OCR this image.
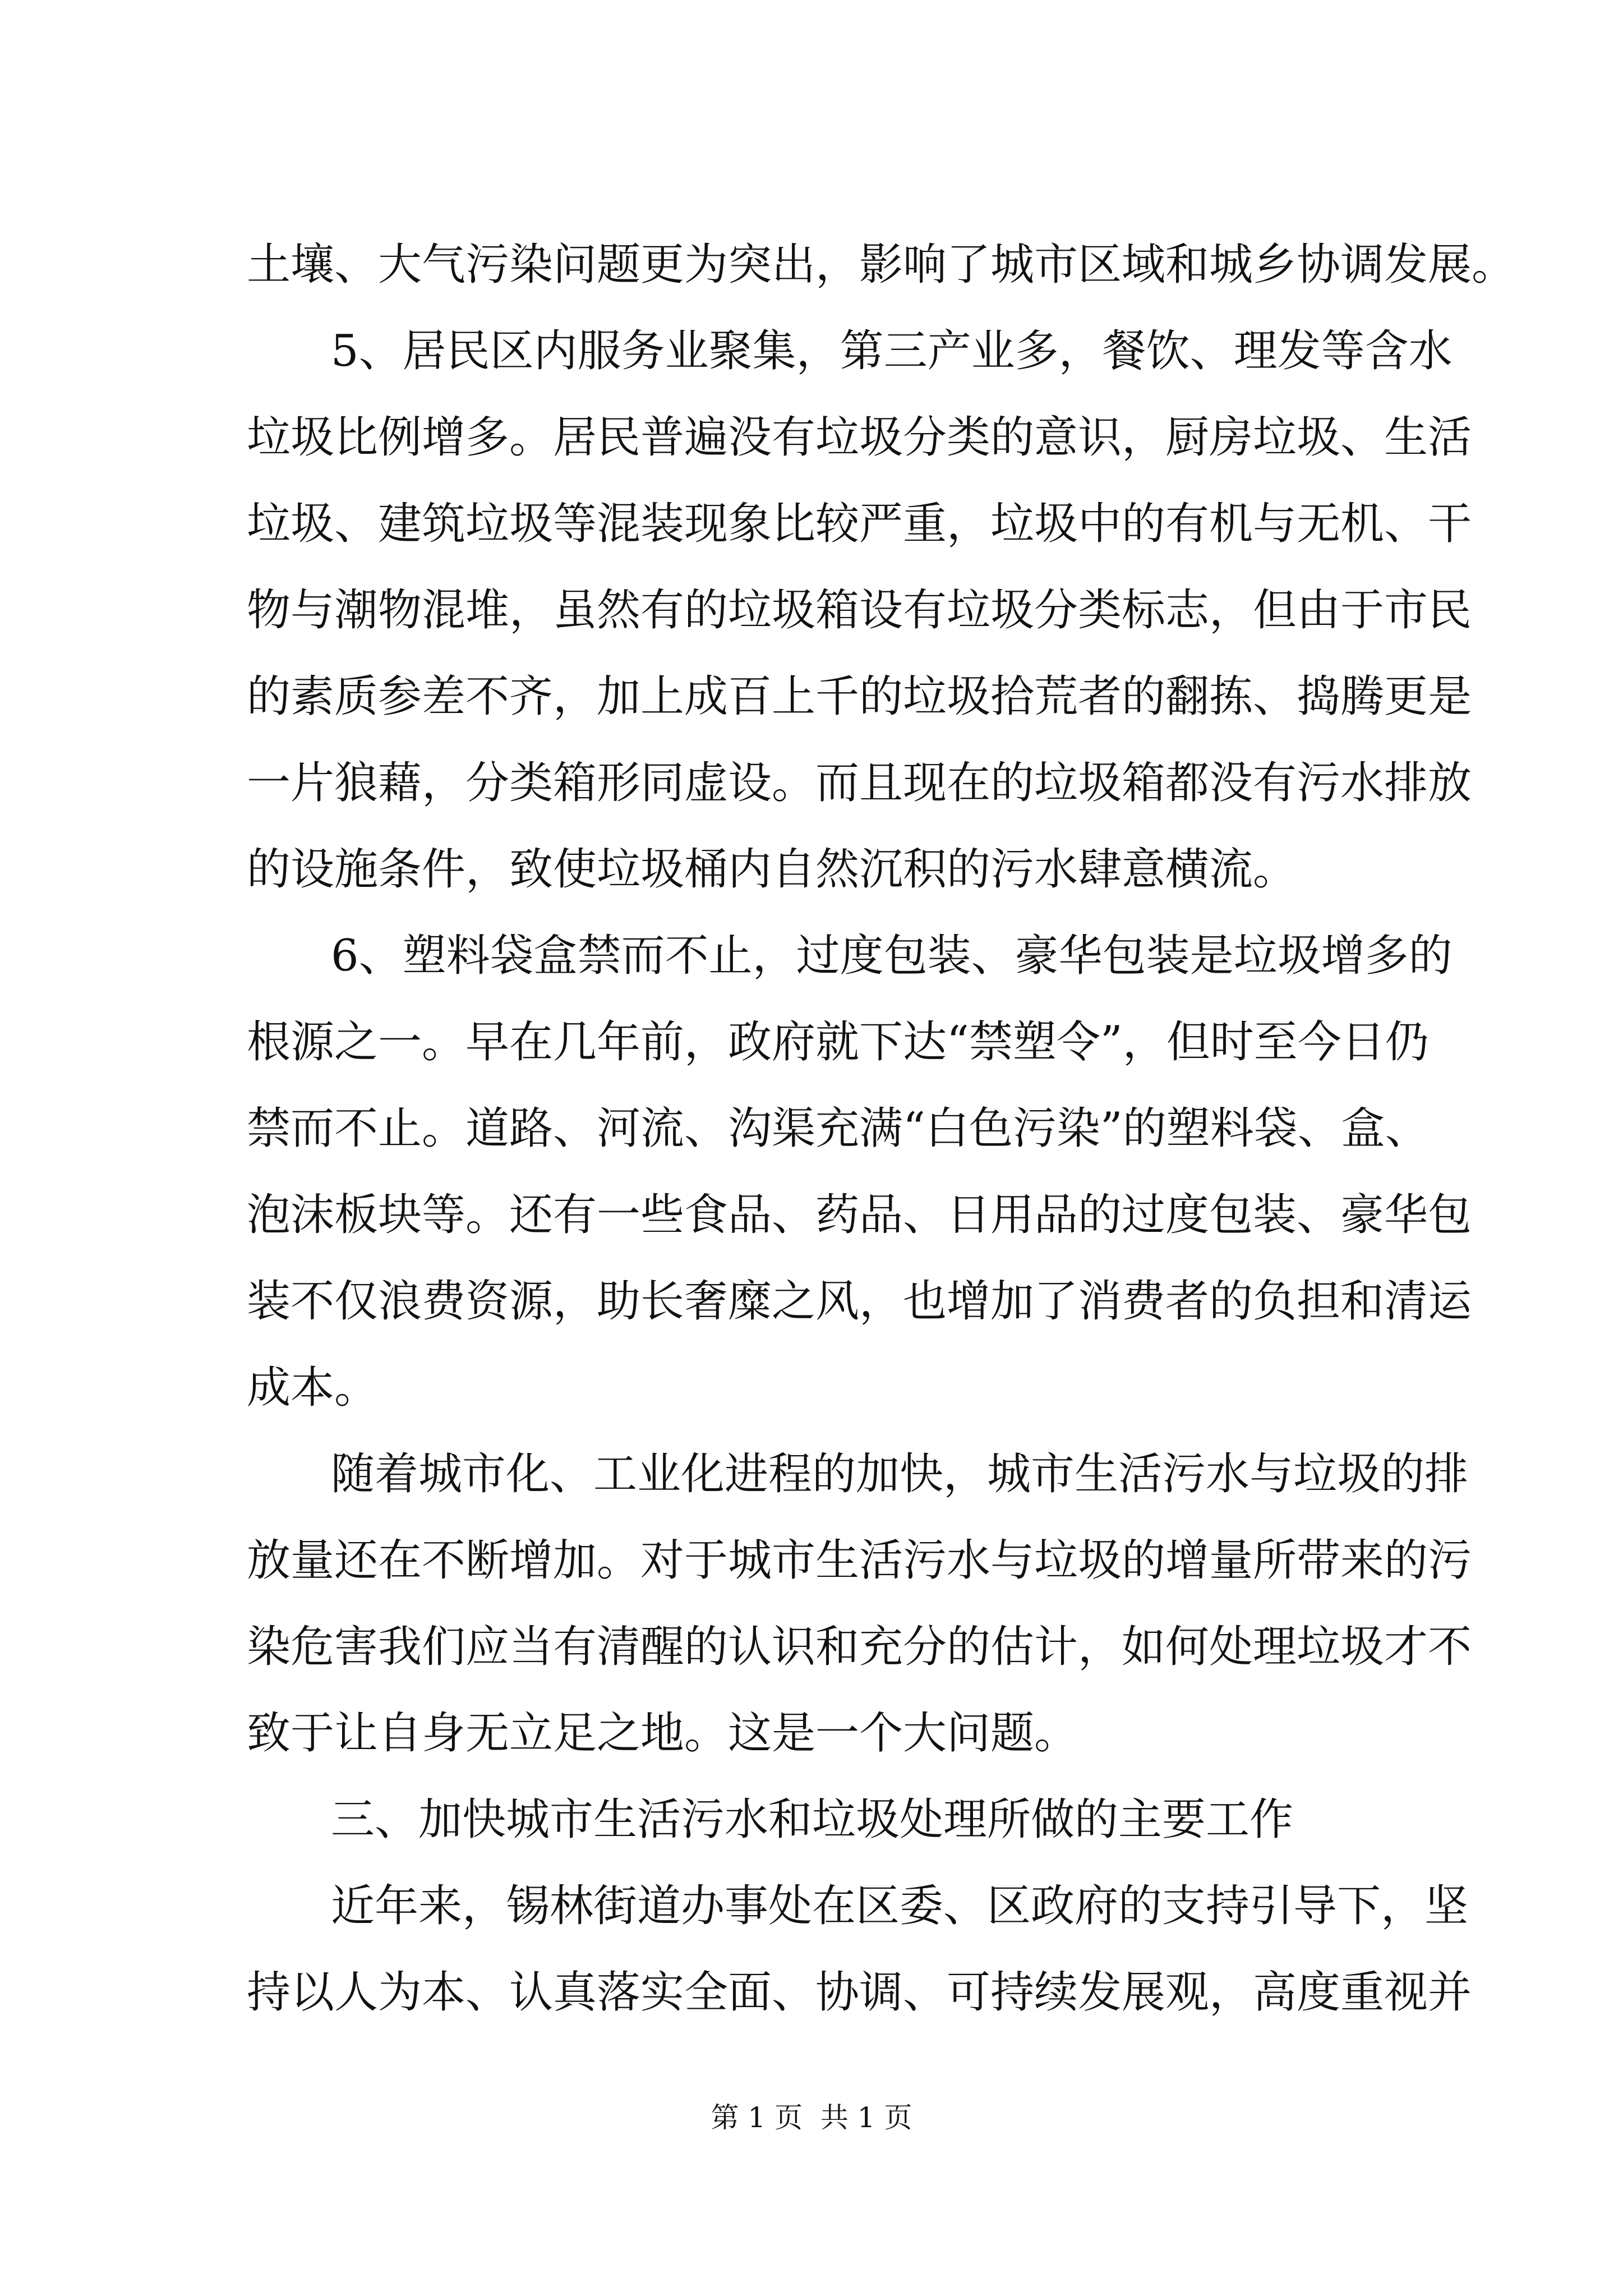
土壤、大气污染问题更为突出，影响了城市区域和城乡协调发展。
5、居民区内服务业聚集，第三产业多，餐饮、理发等含水
垃圾比例增多。居民普遍没有垃圾分类的意识，厨房垃圾、生活
垃圾、建筑垃圾等混装现象比较严重，垃圾中的有机与无机、干
物与潮物混堆，虽然有的垃圾箱设有垃圾分类标志，但由于市民
的素质参差不齐，加上成百上千的垃圾拾荒者的翻拣、捣腾更是
一片狼藉，分类箱形同虚设。而且现在的垃圾箱都没有污水排放
的设施条件，致使垃圾桶内自然沉积的污水肆意横流。
6、塑料袋盒禁而不止，过度包装、豪华包装是垃圾增多的
根源之一。早在几年前，政府就下达“禁塑令”，但时至今日仍
禁而不止。道路、河流、沟渠充满“白色污染”的塑料袋、盒、
泡沫板块等。还有一些食品、药品、日用品的过度包装、豪华包
装不仅浪费资源，助长奢糜之风，也增加了消费者的负担和清运
成本。
随着城市化、工业化进程的加快，城市生活污水与垃圾的排
放量还在不断增加。对于城市生活污水与垃圾的增量所带来的污
染危害我们应当有清醒的认识和充分的估计，如何处理垃圾才不
致于让自身无立足之地。这是一个大问题。
三、加快城市生活污水和垃圾处理所做的主要工作
近年来，锡林街道办事处在区委、区政府的支持引导下，坚
持以人为本、认真落实全面、协调、可持续发展观，高度重视并
第 1 页  共 1 页
